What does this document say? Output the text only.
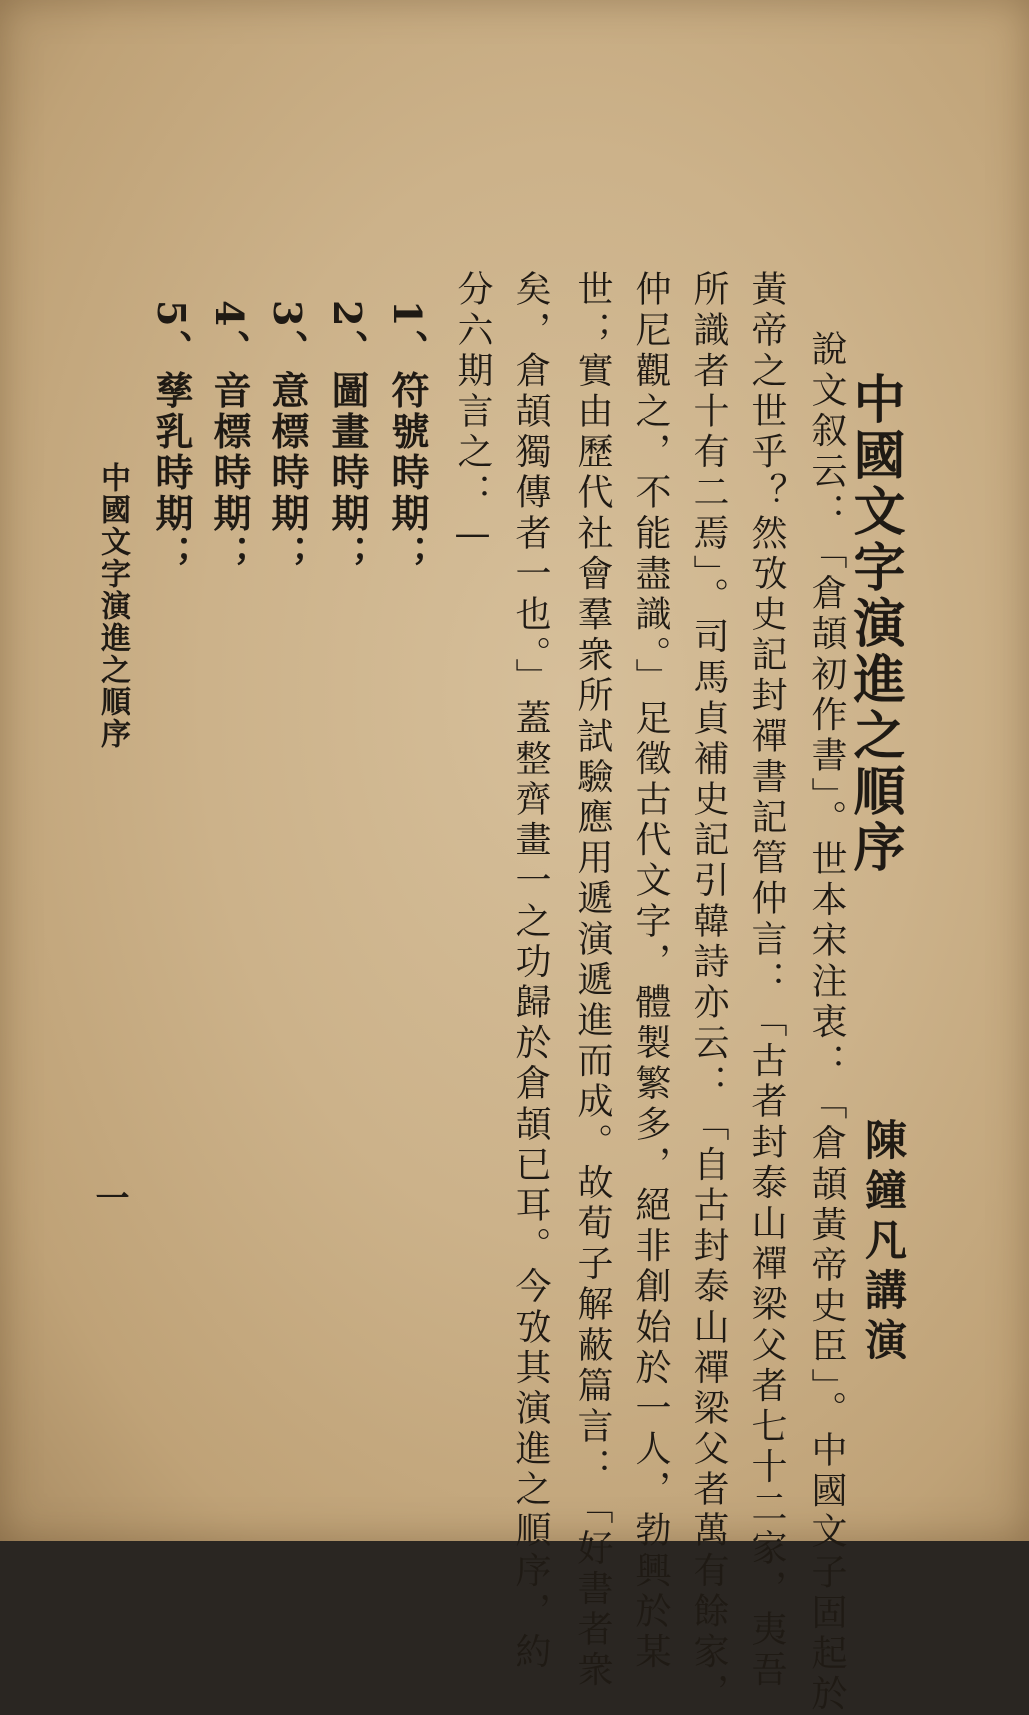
中國文字演進之順序
陳鐘凡講演
說文叙云：「倉頡初作書」。世本宋注衷：「倉頡黃帝史臣」。中國文子固起於
黃帝之世乎？然攷史記封禪書記管仲言：「古者封泰山禪梁父者七十二家，夷吾
所識者十有二焉」。司馬貞補史記引韓詩亦云：「自古封泰山禪梁父者萬有餘家，
仲尼觀之，不能盡識。」足徵古代文字，體製繁多，絕非創始於一人，勃興於某
世；實由歷代社會羣衆所試驗應用遞演遞進而成。故荀子解蔽篇言：「好書者衆
矣，倉頡獨傳者一也。」蓋整齊畫一之功歸於倉頡已耳。今攷其演進之順序，約
分六期言之：—
1、符號時期；
2、圖畫時期；
3、意標時期；
4、音標時期；
5、孳乳時期；
中國文字演進之順序
一
